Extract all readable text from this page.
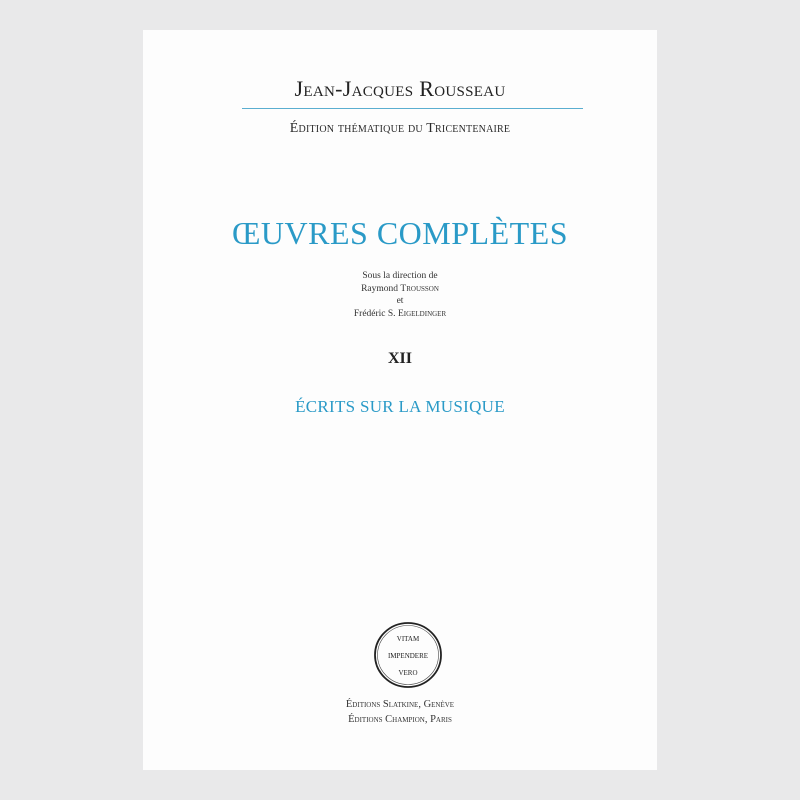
Jean-Jacques Rousseau
Édition thématique du Tricentenaire
ŒUVRES COMPLÈTES
Sous la direction de
Raymond Trousson
et
Frédéric S. Eigeldinger
XII
ÉCRITS SUR LA MUSIQUE
VITAM
IMPENDERE
VERO
Éditions Slatkine, Genève
Éditions Champion, Paris
